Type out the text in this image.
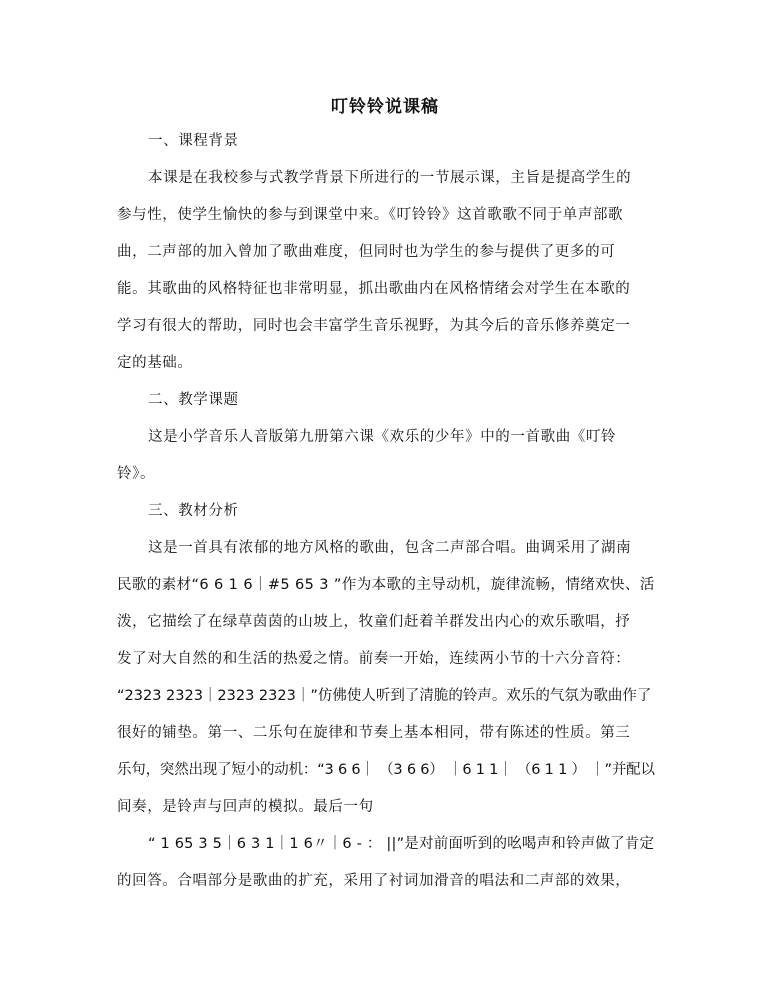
叮铃铃说课稿
一、课程背景
本课是在我校参与式教学背景下所进行的一节展示课，主旨是提高学生的
参与性，使学生愉快的参与到课堂中来。《叮铃铃》这首歌歌不同于单声部歌
曲，二声部的加入曾加了歌曲难度，但同时也为学生的参与提供了更多的可
能。其歌曲的风格特征也非常明显，抓出歌曲内在风格情绪会对学生在本歌的
学习有很大的帮助，同时也会丰富学生音乐视野，为其今后的音乐修养奠定一
定的基础。
二、教学课题
这是小学音乐人音版第九册第六课《欢乐的少年》中的一首歌曲《叮铃
铃》。
三、教材分析
这是一首具有浓郁的地方风格的歌曲，包含二声部合唱。曲调采用了湖南
民歌的素材“6 6 1 6｜#5 65 3 ”作为本歌的主导动机，旋律流畅，情绪欢快、活
泼，它描绘了在绿草茵茵的山坡上，牧童们赶着羊群发出内心的欢乐歌唱，抒
发了对大自然的和生活的热爱之情。前奏一开始，连续两小节的十六分音符：
“2323 2323｜2323 2323｜”仿佛使人听到了清脆的铃声。欢乐的气氛为歌曲作了
很好的铺垫。第一、二乐句在旋律和节奏上基本相同，带有陈述的性质。第三
乐句，突然出现了短小的动机：“3 6 6｜ （3 6 6） ｜6 1 1｜ （6 1 1 ） ｜”并配以
间奏，是铃声与回声的模拟。最后一句
“ 1 65 3 5｜6 3 1｜1 6〃｜6 - ： ||”是对前面听到的吆喝声和铃声做了肯定
的回答。合唱部分是歌曲的扩充，采用了衬词加滑音的唱法和二声部的效果，
